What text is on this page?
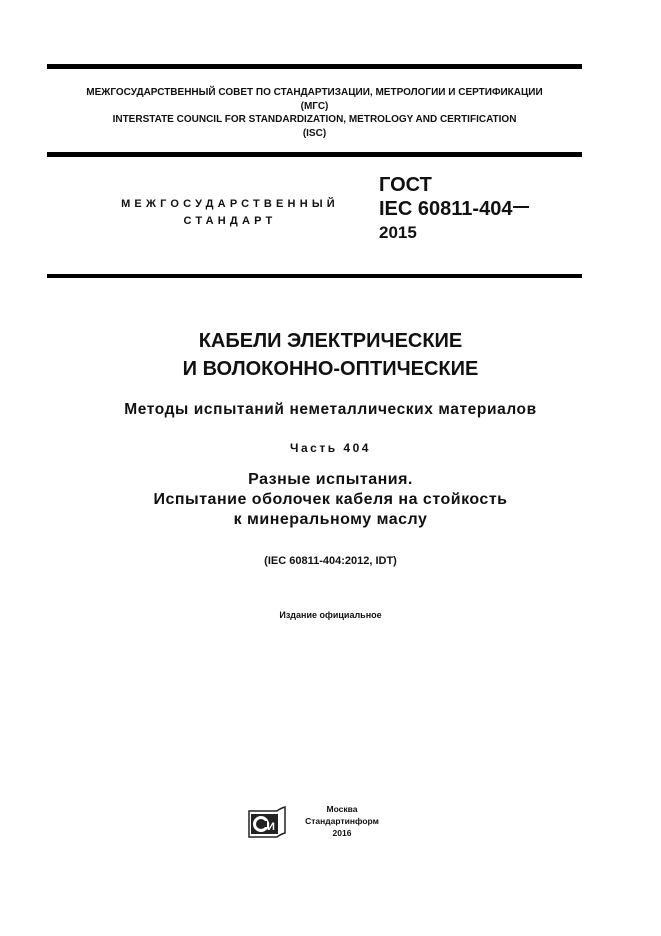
МЕЖГОСУДАРСТВЕННЫЙ СОВЕТ ПО СТАНДАРТИЗАЦИИ, МЕТРОЛОГИИ И СЕРТИФИКАЦИИ
(МГС)
INTERSTATE COUNCIL FOR STANDARDIZATION, METROLOGY AND CERTIFICATION
(ISC)
МЕЖГОСУДАРСТВЕННЫЙ
СТАНДАРТ
ГОСТ
IEC 60811-404
2015
КАБЕЛИ ЭЛЕКТРИЧЕСКИЕ
И ВОЛОКОННО-ОПТИЧЕСКИЕ
Методы испытаний неметаллических материалов
Часть 404
Разные испытания.
Испытание оболочек кабеля на стойкость
к минеральному маслу
(IEC 60811-404:2012, IDT)
Издание официальное
И
Москва
Стандартинформ
2016
